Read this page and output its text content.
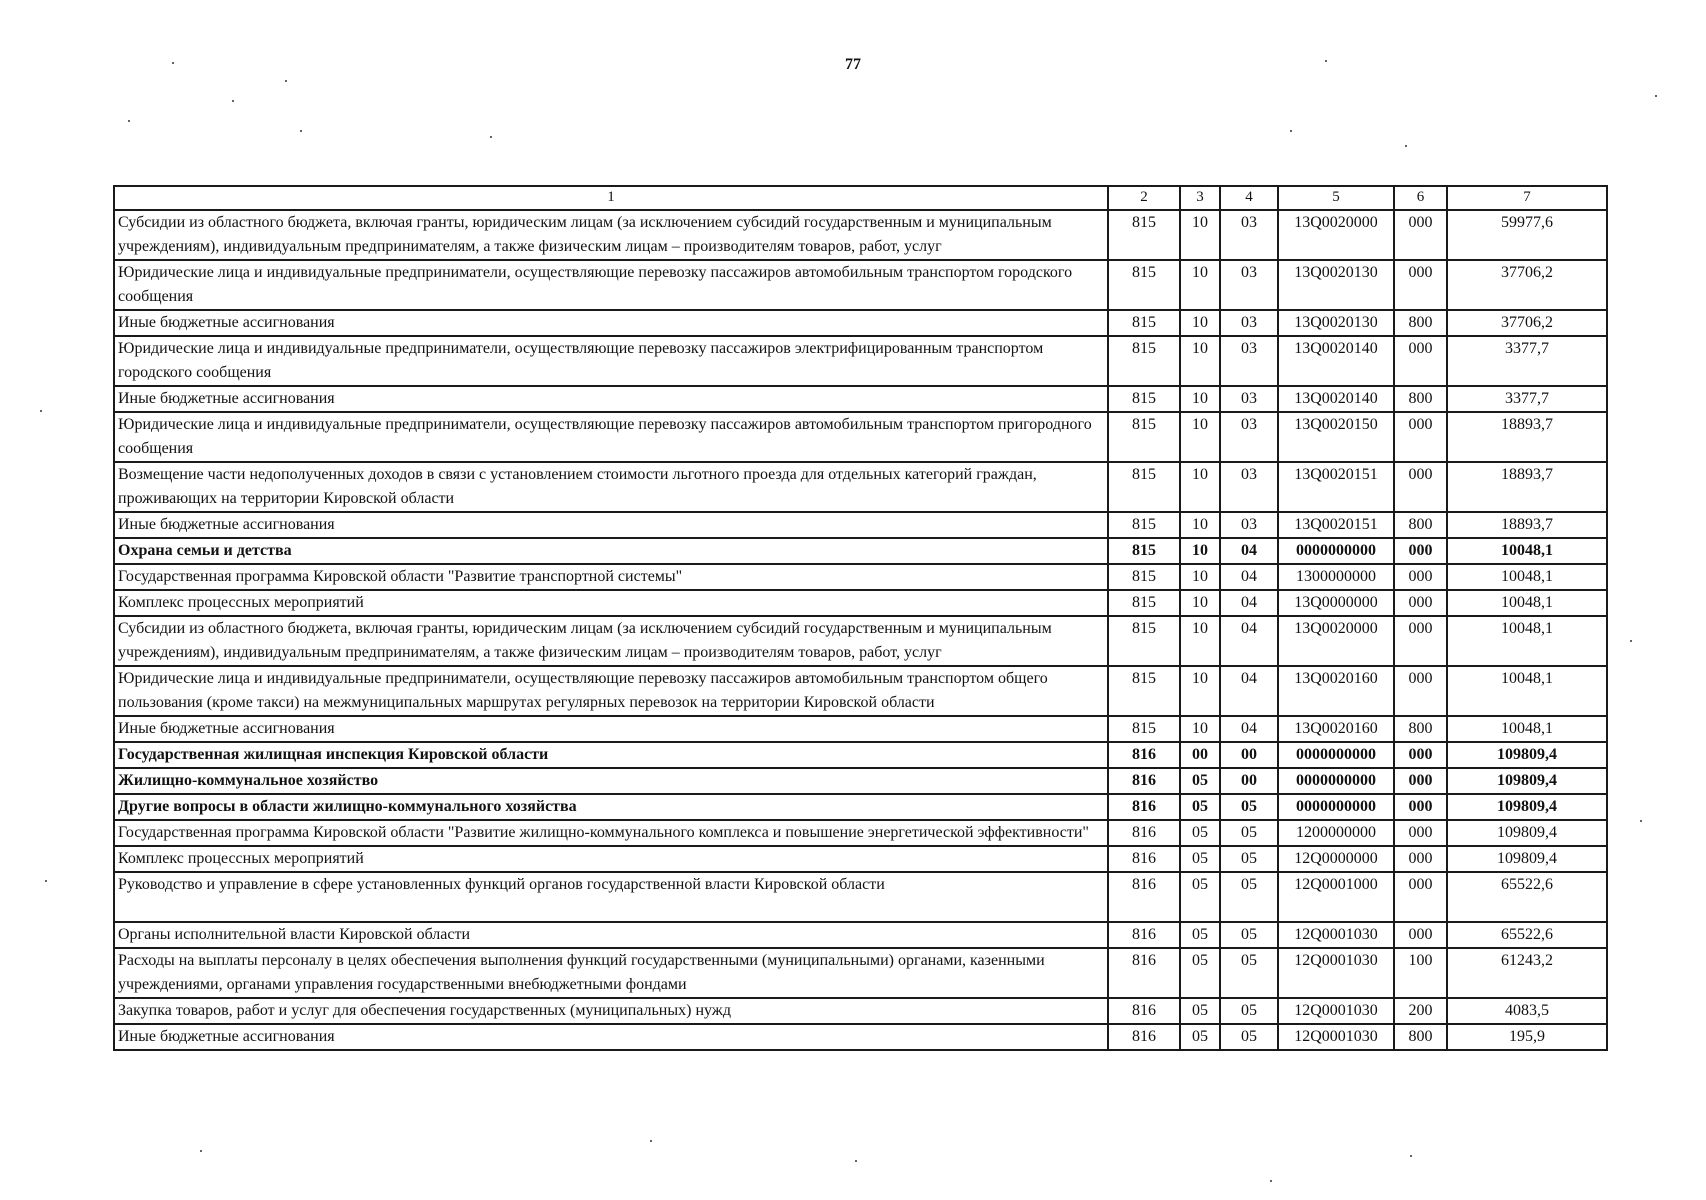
77
1	2	3	4	5	6	7
Субсидии из областного бюджета, включая гранты, юридическим лицам (за исключением субсидий государственным и муниципальным учреждениям), индивидуальным предпринимателям, а также физическим лицам – производителям товаров, работ, услуг	815	10	03	13Q0020000	000	59977,6
Юридические лица и индивидуальные предприниматели, осуществляющие перевозку пассажиров автомобильным транспортом городского сообщения	815	10	03	13Q0020130	000	37706,2
Иные бюджетные ассигнования	815	10	03	13Q0020130	800	37706,2
Юридические лица и индивидуальные предприниматели, осуществляющие перевозку пассажиров электрифицированным транспортом городского сообщения	815	10	03	13Q0020140	000	3377,7
Иные бюджетные ассигнования	815	10	03	13Q0020140	800	3377,7
Юридические лица и индивидуальные предприниматели, осуществляющие перевозку пассажиров автомобильным транспортом пригородного сообщения	815	10	03	13Q0020150	000	18893,7
Возмещение части недополученных доходов в связи с установлением стоимости льготного проезда для отдельных категорий граждан, проживающих на территории Кировской области	815	10	03	13Q0020151	000	18893,7
Иные бюджетные ассигнования	815	10	03	13Q0020151	800	18893,7
Охрана семьи и детства	815	10	04	0000000000	000	10048,1
Государственная программа Кировской области "Развитие транспортной системы"	815	10	04	1300000000	000	10048,1
Комплекс процессных мероприятий	815	10	04	13Q0000000	000	10048,1
Субсидии из областного бюджета, включая гранты, юридическим лицам (за исключением субсидий государственным и муниципальным учреждениям), индивидуальным предпринимателям, а также физическим лицам – производителям товаров, работ, услуг	815	10	04	13Q0020000	000	10048,1
Юридические лица и индивидуальные предприниматели, осуществляющие перевозку пассажиров автомобильным транспортом общего пользования (кроме такси) на межмуниципальных маршрутах регулярных перевозок на территории Кировской области	815	10	04	13Q0020160	000	10048,1
Иные бюджетные ассигнования	815	10	04	13Q0020160	800	10048,1
Государственная жилищная инспекция Кировской области	816	00	00	0000000000	000	109809,4
Жилищно-коммунальное хозяйство	816	05	00	0000000000	000	109809,4
Другие вопросы в области жилищно-коммунального хозяйства	816	05	05	0000000000	000	109809,4
Государственная программа Кировской области "Развитие жилищно-коммунального комплекса и повышение энергетической эффективности"	816	05	05	1200000000	000	109809,4
Комплекс процессных мероприятий	816	05	05	12Q0000000	000	109809,4
Руководство и управление в сфере установленных функций органов государственной власти Кировской области	816	05	05	12Q0001000	000	65522,6
Органы исполнительной власти Кировской области	816	05	05	12Q0001030	000	65522,6
Расходы на выплаты персоналу в целях обеспечения выполнения функций государственными (муниципальными) органами, казенными учреждениями, органами управления государственными внебюджетными фондами	816	05	05	12Q0001030	100	61243,2
Закупка товаров, работ и услуг для обеспечения государственных (муниципальных) нужд	816	05	05	12Q0001030	200	4083,5
Иные бюджетные ассигнования	816	05	05	12Q0001030	800	195,9
